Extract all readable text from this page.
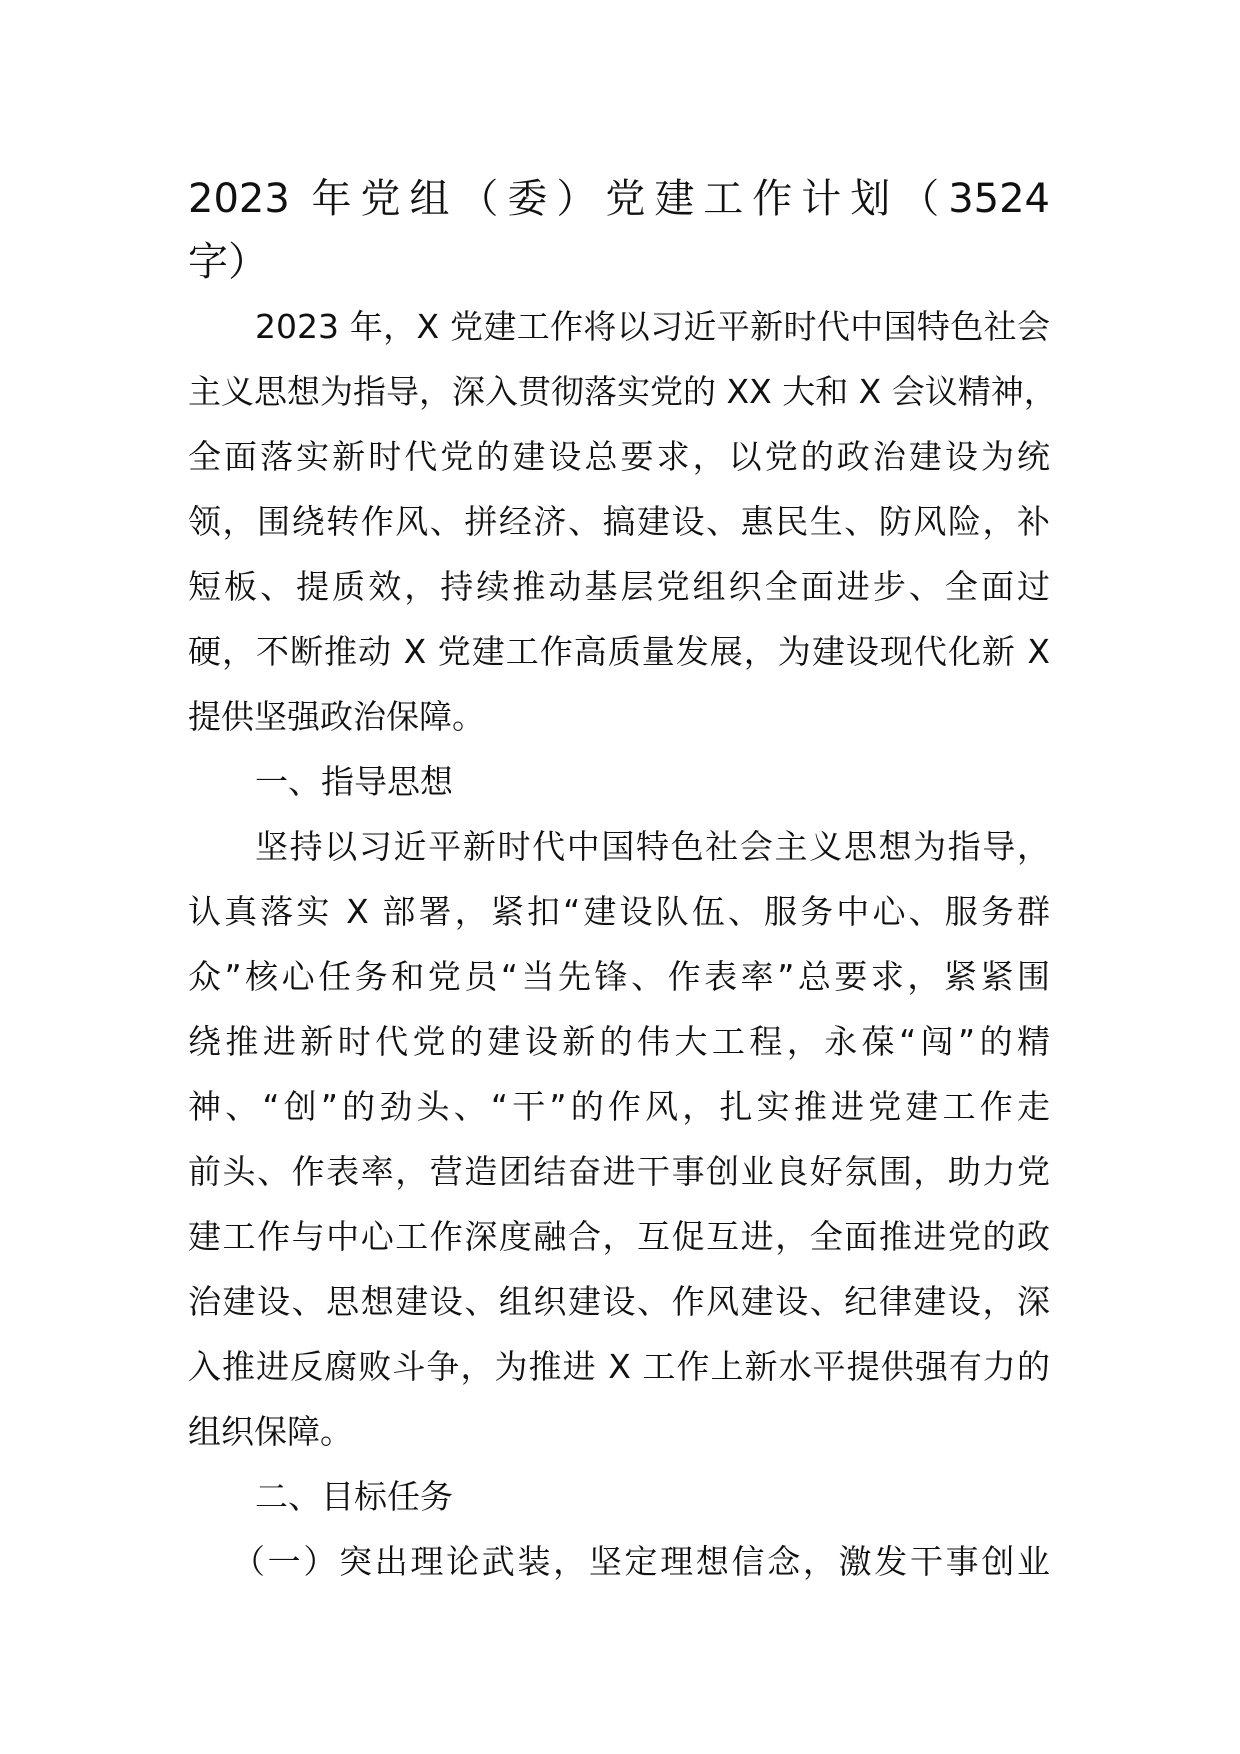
2023 年党组（委）党建工作计划（3524
字）
2023 年，X 党建工作将以习近平新时代中国特色社会
主义思想为指导，深入贯彻落实党的 XX 大和 X 会议精神，
全面落实新时代党的建设总要求，以党的政治建设为统
领，围绕转作风、拼经济、搞建设、惠民生、防风险，补
短板、提质效，持续推动基层党组织全面进步、全面过
硬，不断推动 X 党建工作高质量发展，为建设现代化新 X
提供坚强政治保障。
一、指导思想
坚持以习近平新时代中国特色社会主义思想为指导，
认真落实 X 部署，紧扣“建设队伍、服务中心、服务群
众”核心任务和党员“当先锋、作表率”总要求，紧紧围
绕推进新时代党的建设新的伟大工程，永葆“闯”的精
神、“创”的劲头、“干”的作风，扎实推进党建工作走
前头、作表率，营造团结奋进干事创业良好氛围，助力党
建工作与中心工作深度融合，互促互进，全面推进党的政
治建设、思想建设、组织建设、作风建设、纪律建设，深
入推进反腐败斗争，为推进 X 工作上新水平提供强有力的
组织保障。
二、目标任务
（一）突出理论武装，坚定理想信念，激发干事创业
